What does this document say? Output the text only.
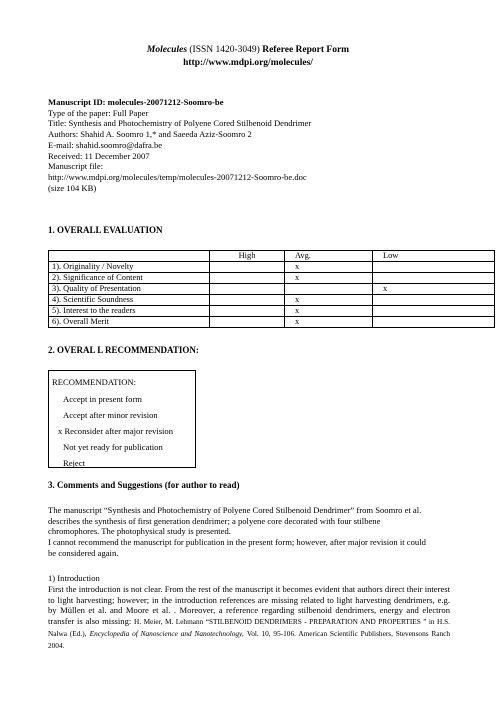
Molecules (ISSN 1420-3049) Referee Report Form
http://www.mdpi.org/molecules/
Manuscript ID: molecules-20071212-Soomro-be
Type of the paper: Full Paper
Title: Synthesis and Photochemistry of Polyene Cored Stilbenoid Dendrimer
Authors: Shahid A. Soomro 1,* and Saeeda Aziz-Soomro 2
E-mail: shahid.soomro@dafra.be
Received: 11 December 2007
Manuscript file:
http://www.mdpi.org/molecules/temp/molecules-20071212-Soomro-be.doc
(size 104 KB)
1. OVERALL EVALUATION
	High	Avg.	Low
1). Originality / Novelty		x	
2). Significance of Content		x	
3). Quality of Presentation			x
4). Scientific Soundness		x	
5). Interest to the readers		x	
6). Overall Merit		x	
2. OVERAL L RECOMMENDATION:
RECOMMENDATION:
Accept in present form
Accept after minor revision
x Reconsider after major revision
Not yet ready for publication
Reject
3. Comments and Suggestions (for author to read)
The manuscript “Synthesis and Photochemistry of Polyene Cored Stilbenoid Dendrimer” from Soomro et al. describes the synthesis of first generation dendrimer; a polyene core decorated with four stilbene chromophores. The photophysical study is presented.
I cannot recommend the manuscript for publication in the present form; however, after major revision it could be considered again.
1) Introduction
First the introduction is not clear. From the rest of the manuscript it becomes evident that authors direct their interest to light harvesting; however; in the introduction references are missing related to light harvesting dendrimers, e.g. by Müllen et al. and Moore et al. . Moreover, a reference regarding stilbenoid dendrimers, energy and electron transfer is also missing: H. Meier, M. Lehmann “STILBENOID DENDRIMERS - PREPARATION AND PROPERTIES ” in H.S. Nalwa (Ed.), Encyclopedia of Nanoscience and Nanotechnology, Vol. 10, 95-106. American Scientific Publishers, Stevensons Ranch 2004.
